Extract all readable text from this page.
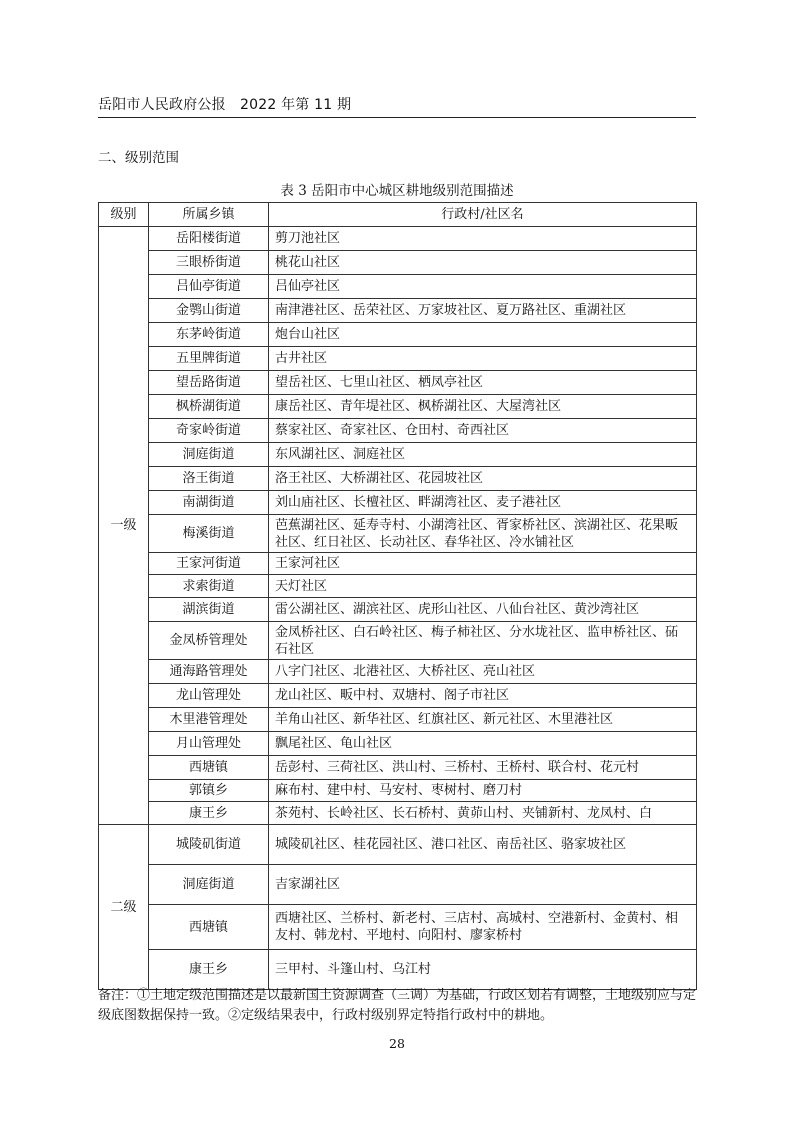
岳阳市人民政府公报　2022 年第 11 期
二、级别范围
表 3 岳阳市中心城区耕地级别范围描述
级别	所属乡镇	行政村/社区名
一级	岳阳楼街道	剪刀池社区
	三眼桥街道	桃花山社区
	吕仙亭街道	吕仙亭社区
	金鹗山街道	南津港社区、岳荣社区、万家坡社区、夏万路社区、重湖社区
	东茅岭街道	炮台山社区
	五里牌街道	古井社区
	望岳路街道	望岳社区、七里山社区、栖凤亭社区
	枫桥湖街道	康岳社区、青年堤社区、枫桥湖社区、大屋湾社区
	奇家岭街道	蔡家社区、奇家社区、仓田村、奇西社区
	洞庭街道	东风湖社区、洞庭社区
	洛王街道	洛王社区、大桥湖社区、花园坡社区
	南湖街道	刘山庙社区、长檀社区、畔湖湾社区、麦子港社区
	梅溪街道	芭蕉湖社区、延寿寺村、小湖湾社区、胥家桥社区、滨湖社区、花果畈社区、红日社区、长动社区、春华社区、冷水铺社区
	王家河街道	王家河社区
	求索街道	天灯社区
	湖滨街道	雷公湖社区、湖滨社区、虎形山社区、八仙台社区、黄沙湾社区
	金凤桥管理处	金凤桥社区、白石岭社区、梅子柿社区、分水垅社区、监申桥社区、砳石社区
	通海路管理处	八字门社区、北港社区、大桥社区、亮山社区
	龙山管理处	龙山社区、畈中村、双塘村、阁子市社区
	木里港管理处	羊角山社区、新华社区、红旗社区、新元社区、木里港社区
	月山管理处	飘尾社区、龟山社区
	西塘镇	岳彭村、三荷社区、洪山村、三桥村、王桥村、联合村、花元村
	郭镇乡	麻布村、建中村、马安村、枣树村、磨刀村
	康王乡	茶苑村、长岭社区、长石桥村、黄茆山村、夹铺新村、龙凤村、白
二级	城陵矶街道	城陵矶社区、桂花园社区、港口社区、南岳社区、骆家坡社区
	洞庭街道	吉家湖社区
	西塘镇	西塘社区、兰桥村、新老村、三店村、高城村、空港新村、金黄村、相友村、韩龙村、平地村、向阳村、廖家桥村
	康王乡	三甲村、斗篷山村、乌江村
备注：①土地定级范围描述是以最新国土资源调查（三调）为基础，行政区划若有调整，土地级别应与定级底图数据保持一致。②定级结果表中，行政村级别界定特指行政村中的耕地。
28
